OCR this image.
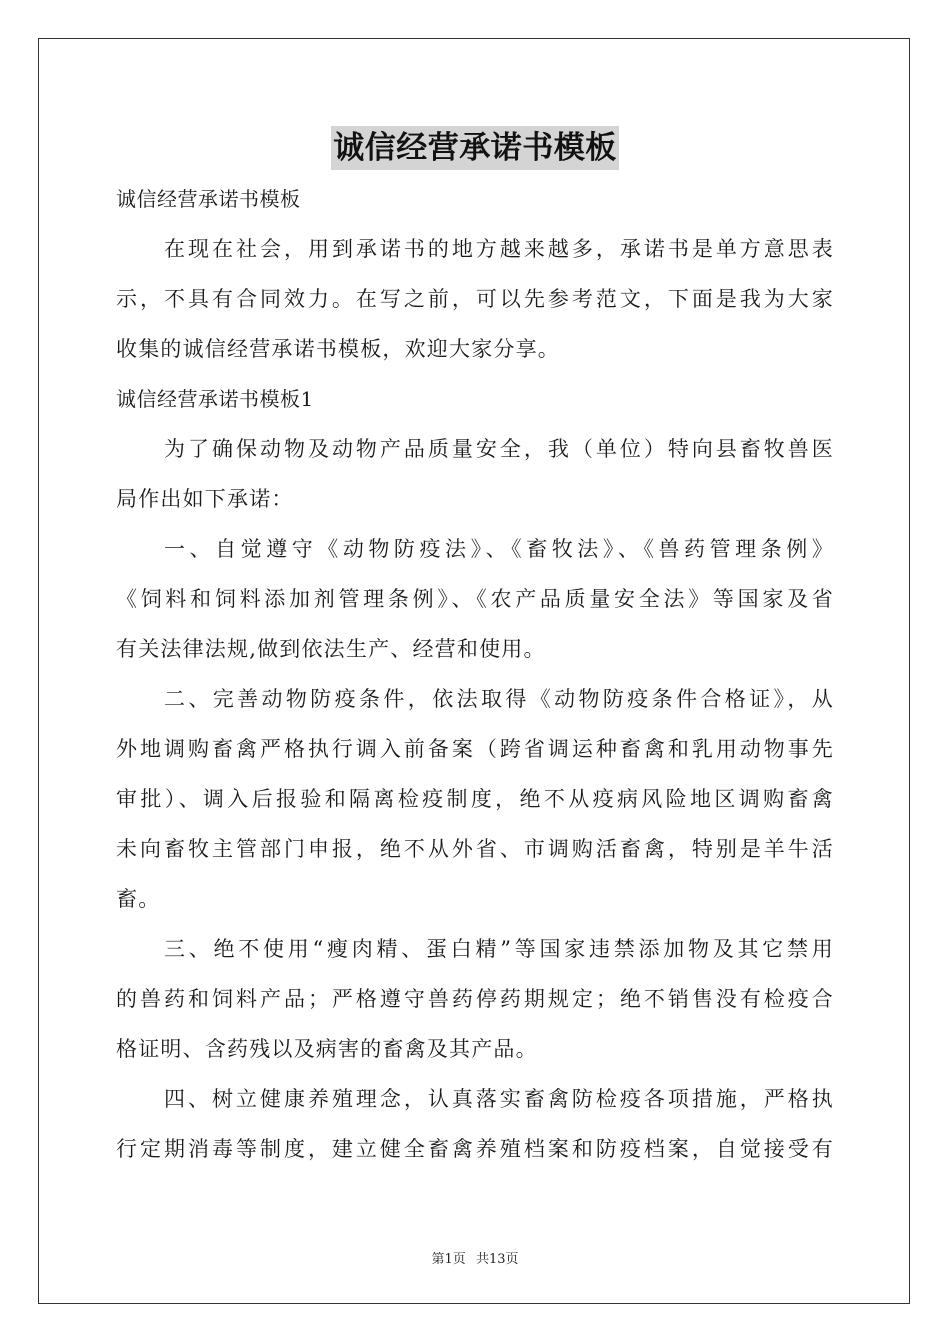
诚信经营承诺书模板
诚信经营承诺书模板
在现在社会，用到承诺书的地方越来越多，承诺书是单方意思表
示，不具有合同效力。在写之前，可以先参考范文，下面是我为大家
收集的诚信经营承诺书模板，欢迎大家分享。
诚信经营承诺书模板1
为了确保动物及动物产品质量安全，我（单位）特向县畜牧兽医
局作出如下承诺：
一、自觉遵守《动物防疫法》、《畜牧法》、《兽药管理条例》
《饲料和饲料添加剂管理条例》、《农产品质量安全法》等国家及省
有关法律法规,做到依法生产、经营和使用。
二、完善动物防疫条件，依法取得《动物防疫条件合格证》，从
外地调购畜禽严格执行调入前备案（跨省调运种畜禽和乳用动物事先
审批）、调入后报验和隔离检疫制度，绝不从疫病风险地区调购畜禽
未向畜牧主管部门申报，绝不从外省、市调购活畜禽，特别是羊牛活
畜。
三、绝不使用“瘦肉精、蛋白精”等国家违禁添加物及其它禁用
的兽药和饲料产品；严格遵守兽药停药期规定；绝不销售没有检疫合
格证明、含药残以及病害的畜禽及其产品。
四、树立健康养殖理念，认真落实畜禽防检疫各项措施，严格执
行定期消毒等制度，建立健全畜禽养殖档案和防疫档案，自觉接受有
第1页 共13页
